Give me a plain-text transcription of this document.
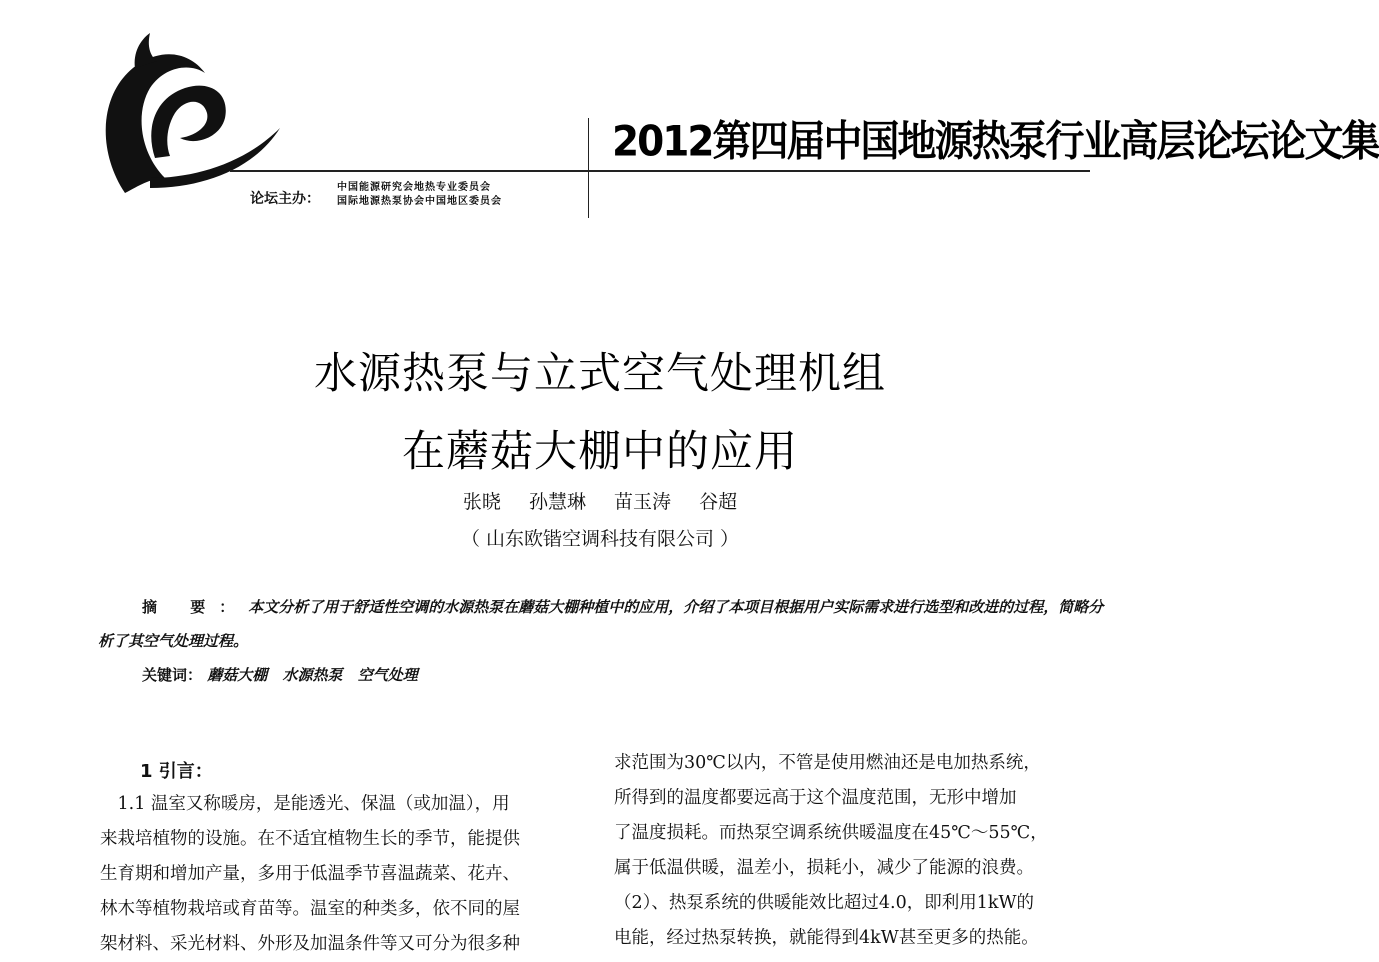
2012第四届中国地源热泵行业高层论坛论文集
论坛主办：
中国能源研究会地热专业委员会
国际地源热泵协会中国地区委员会
水源热泵与立式空气处理机组
在蘑菇大棚中的应用
张晓 孙慧琳 苗玉涛 谷超
（ 山东欧锴空调科技有限公司 ）
摘 要：本文分析了用于舒适性空调的水源热泵在蘑菇大棚种植中的应用，介绍了本项目根据用户实际需求进行选型和改进的过程，简略分析了其空气处理过程。
关键词： 蘑菇大棚 水源热泵 空气处理
1 引言：
　1.1 温室又称暖房，是能透光、保温（或加温），用
来栽培植物的设施。在不适宜植物生长的季节，能提供
生育期和增加产量，多用于低温季节喜温蔬菜、花卉、
林木等植物栽培或育苗等。温室的种类多，依不同的屋
架材料、采光材料、外形及加温条件等又可分为很多种
求范围为30℃以内，不管是使用燃油还是电加热系统，
所得到的温度都要远高于这个温度范围，无形中增加
了温度损耗。而热泵空调系统供暖温度在45℃～55℃，
属于低温供暖，温差小，损耗小，减少了能源的浪费。
（2）、热泵系统的供暖能效比超过4.0，即利用1kW的
电能，经过热泵转换，就能得到4kW甚至更多的热能。
